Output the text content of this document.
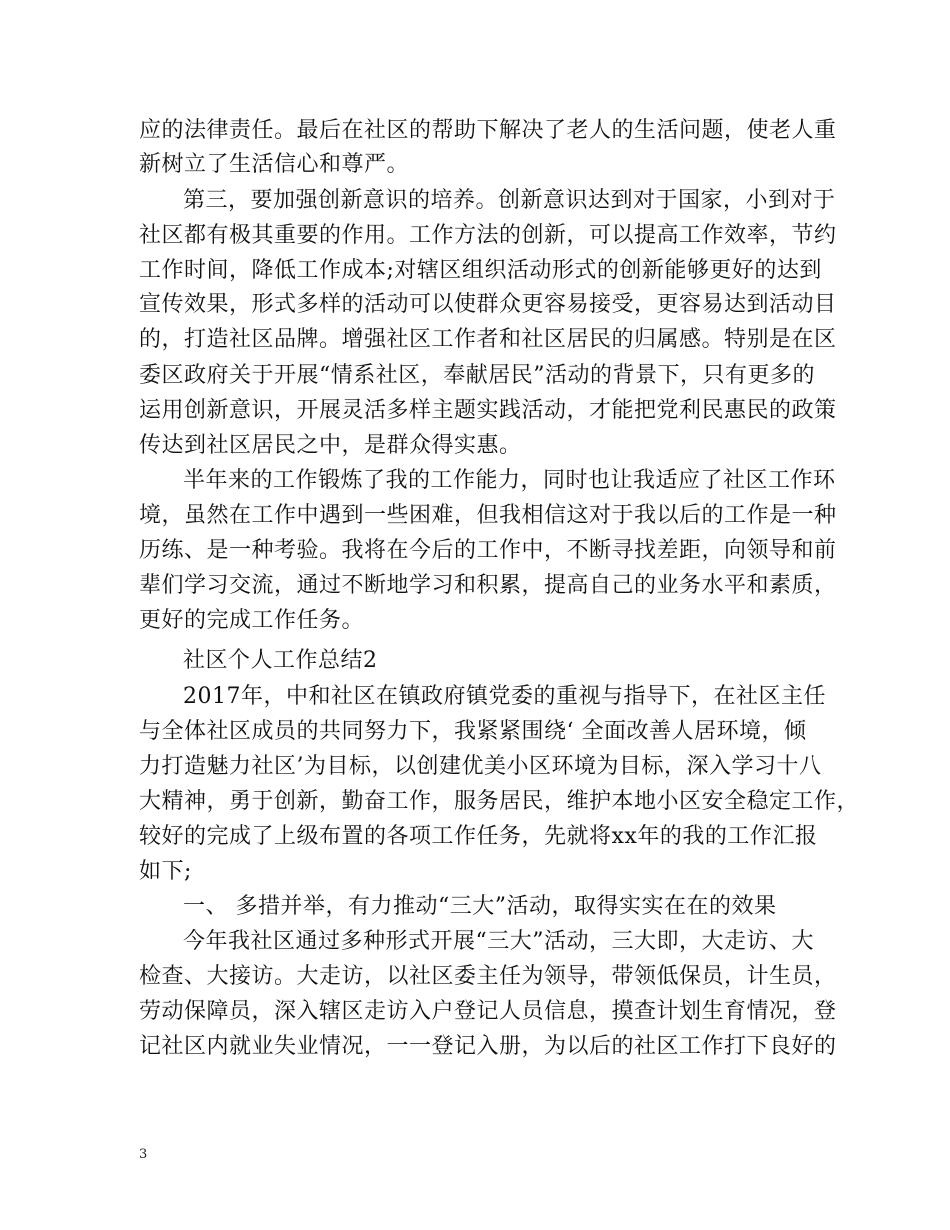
应的法律责任。最后在社区的帮助下解决了老人的生活问题，使老人重
新树立了生活信心和尊严。
第三，要加强创新意识的培养。创新意识达到对于国家，小到对于
社区都有极其重要的作用。工作方法的创新，可以提高工作效率，节约
工作时间，降低工作成本;对辖区组织活动形式的创新能够更好的达到
宣传效果，形式多样的活动可以使群众更容易接受，更容易达到活动目
的，打造社区品牌。增强社区工作者和社区居民的归属感。特别是在区
委区政府关于开展“情系社区，奉献居民”活动的背景下，只有更多的
运用创新意识，开展灵活多样主题实践活动，才能把党利民惠民的政策
传达到社区居民之中，是群众得实惠。
半年来的工作锻炼了我的工作能力，同时也让我适应了社区工作环
境，虽然在工作中遇到一些困难，但我相信这对于我以后的工作是一种
历练、是一种考验。我将在今后的工作中，不断寻找差距，向领导和前
辈们学习交流，通过不断地学习和积累，提高自己的业务水平和素质，
更好的完成工作任务。
社区个人工作总结2
2017年，中和社区在镇政府镇党委的重视与指导下，在社区主任
与全体社区成员的共同努力下，我紧紧围绕‘ 全面改善人居环境，倾
力打造魅力社区’为目标，以创建优美小区环境为目标，深入学习十八
大精神，勇于创新，勤奋工作，服务居民，维护本地小区安全稳定工作，
较好的完成了上级布置的各项工作任务，先就将xx年的我的工作汇报
如下;
一、 多措并举，有力推动“三大”活动，取得实实在在的效果
今年我社区通过多种形式开展“三大”活动，三大即，大走访、大
检查、大接访。大走访，以社区委主任为领导，带领低保员，计生员，
劳动保障员，深入辖区走访入户登记人员信息，摸查计划生育情况，登
记社区内就业失业情况，一一登记入册，为以后的社区工作打下良好的
3
